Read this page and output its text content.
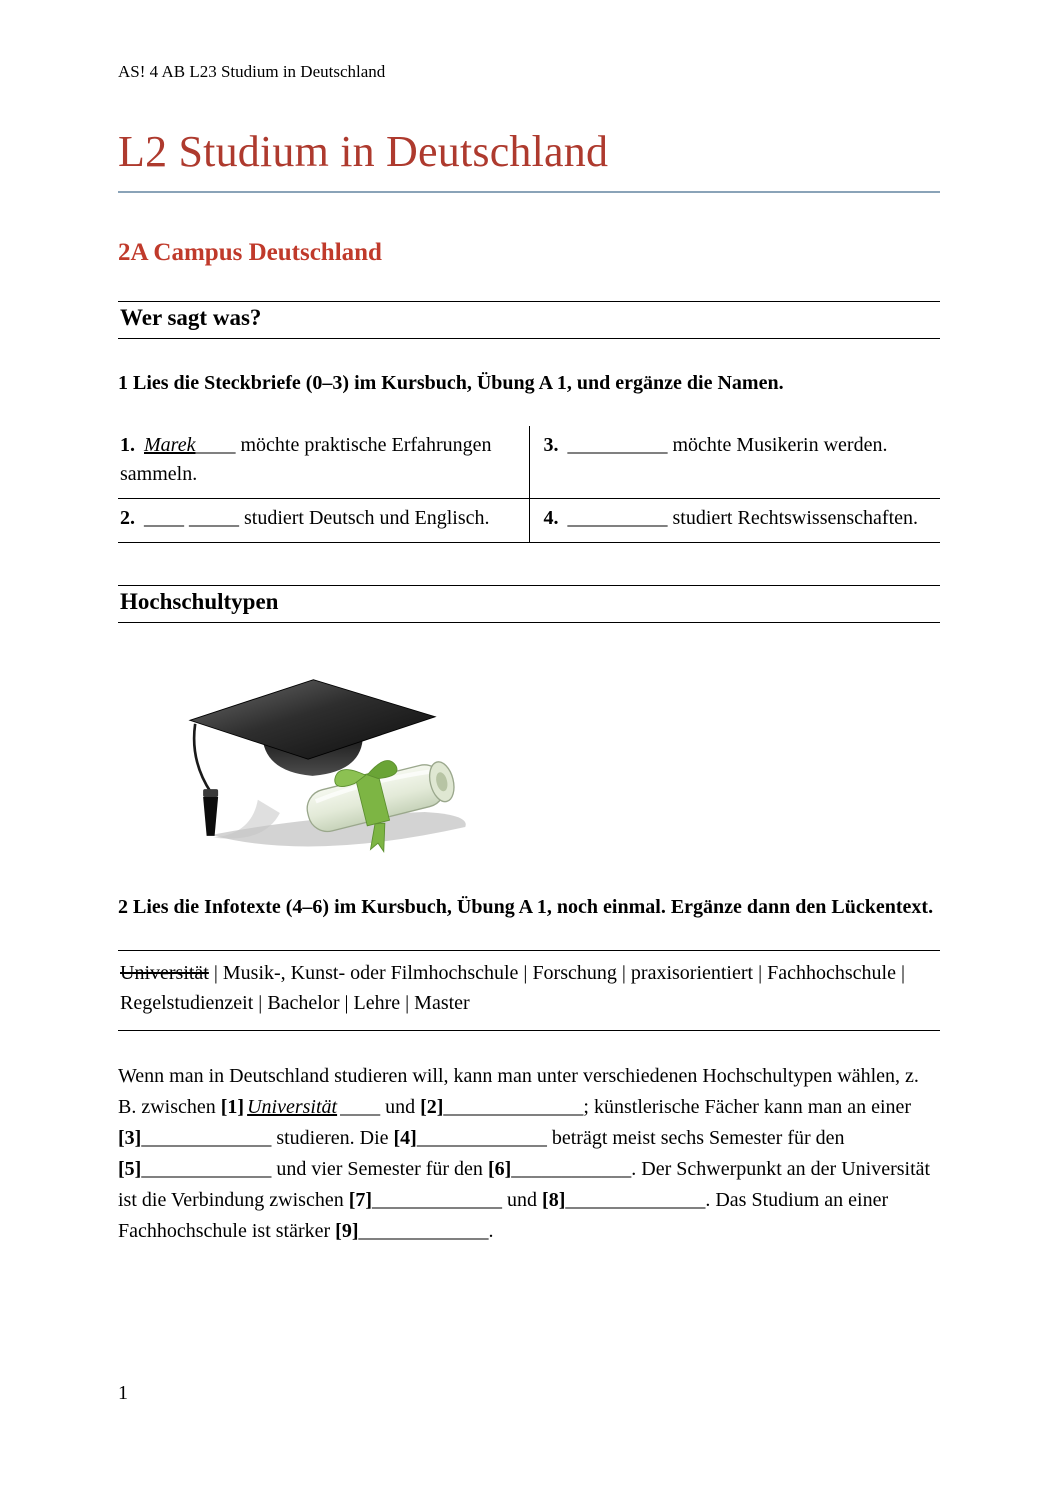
AS! 4 AB L23 Studium in Deutschland
L2 Studium in Deutschland
2A Campus Deutschland
Wer sagt was?

1 Lies die Steckbriefe (0–3) im Kursbuch, Übung A 1, und ergänze die Namen.

1. Marek____ möchte praktische Erfahrungen sammeln.	3. __________ möchte Musikerin werden.
2. ____ _____ studiert Deutsch und Englisch.	4. __________ studiert Rechtswissenschaften.
Hochschultypen

2 Lies die Infotexte (4–6) im Kursbuch, Übung A 1, noch einmal. Ergänze dann den Lückentext.

Universität | Musik-, Kunst- oder Filmhochschule | Forschung | praxisorientiert | Fachhochschule | Regelstudienzeit | Bachelor | Lehre | Master

Wenn man in Deutschland studieren will, kann man unter verschiedenen Hochschultypen wählen, z. B. zwischen [1] Universität ____ und [2]______________; künstlerische Fächer kann man an einer [3]_____________ studieren. Die [4]_____________ beträgt meist sechs Semester für den [5]_____________ und vier Semester für den [6]____________. Der Schwerpunkt an der Universität ist die Verbindung zwischen [7]_____________ und [8]______________. Das Studium an einer Fachhochschule ist stärker [9]_____________.

1
